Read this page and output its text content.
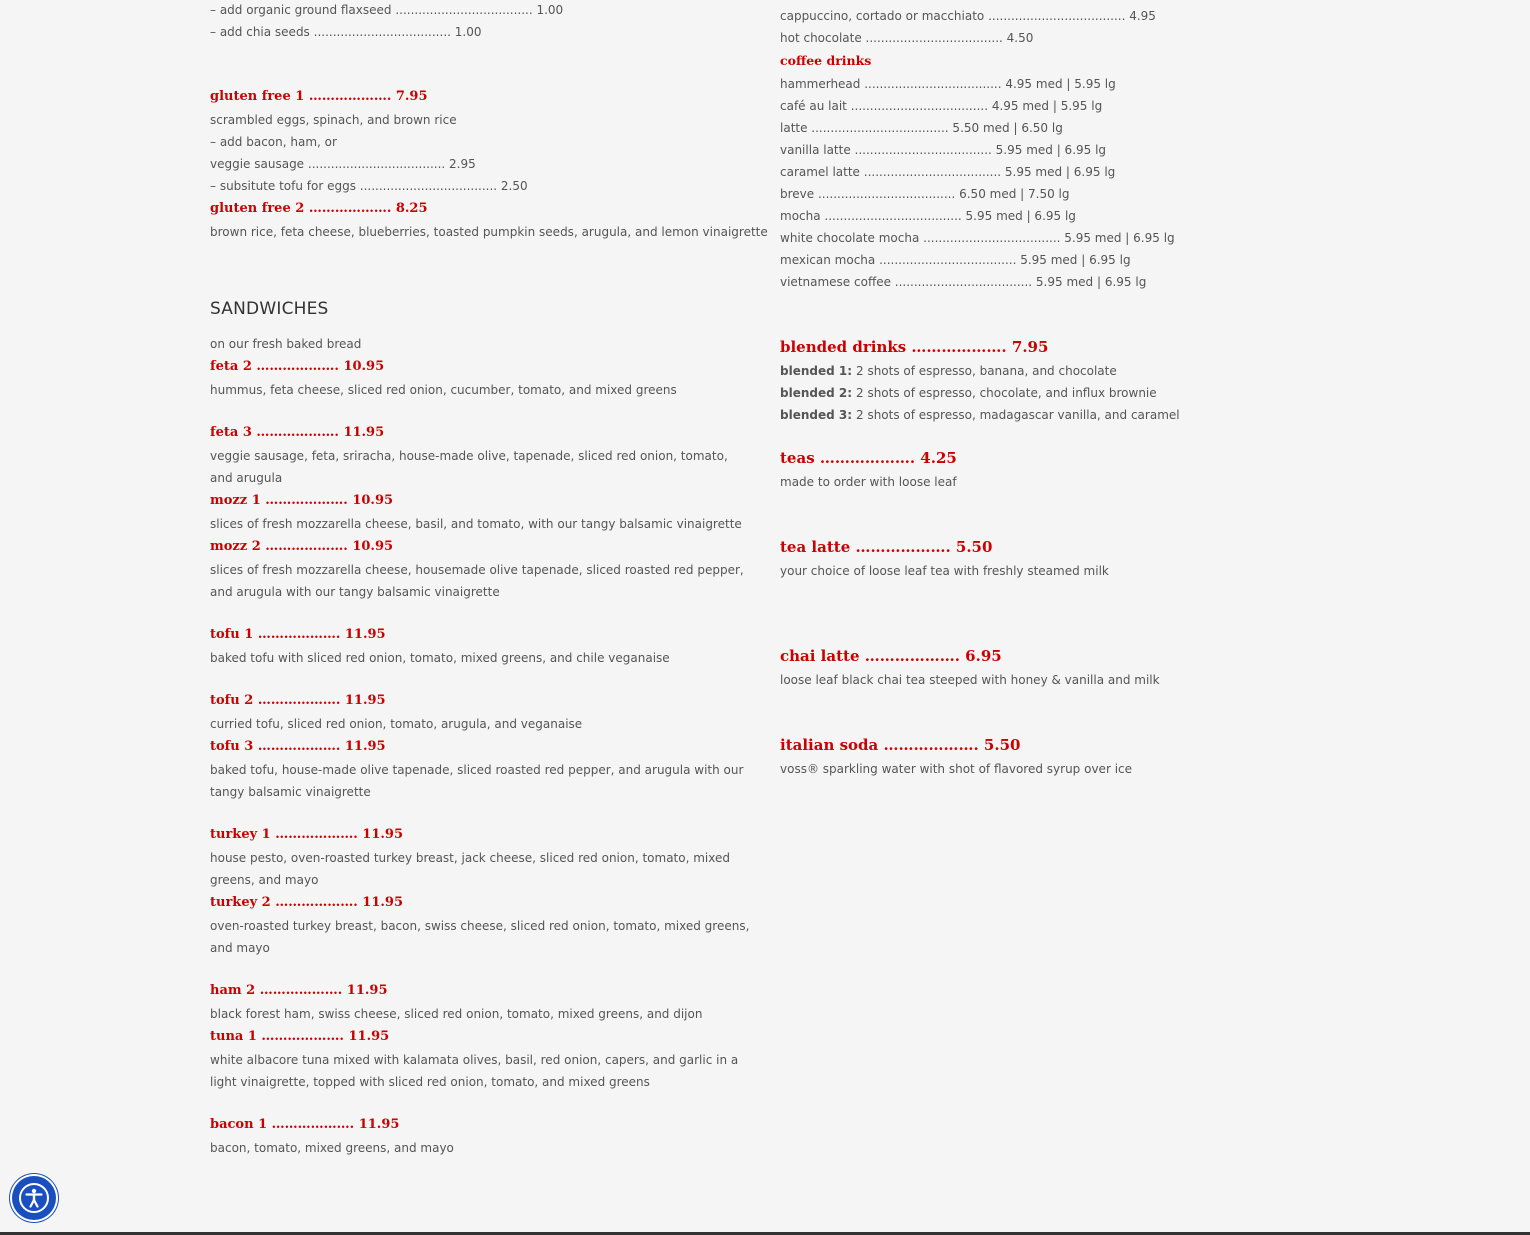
– add organic ground flaxseed .................................... 1.00

– add chia seeds .................................... 1.00

gluten free 1 ………………. 7.95

scrambled eggs, spinach, and brown rice

– add bacon, ham, or

veggie sausage .................................... 2.95

– subsitute tofu for eggs .................................... 2.50

gluten free 2 ………………. 8.25

brown rice, feta cheese, blueberries, toasted pumpkin seeds, arugula, and lemon vinaigrette

SANDWICHES

on our fresh baked bread

feta 2 ………………. 10.95

hummus, feta cheese, sliced red onion, cucumber, tomato, and mixed greens

feta 3 ………………. 11.95

veggie sausage, feta, sriracha, house-made olive, tapenade, sliced red onion, tomato, and arugula

mozz 1 ………………. 10.95

slices of fresh mozzarella cheese, basil, and tomato, with our tangy balsamic vinaigrette

mozz 2 ………………. 10.95

slices of fresh mozzarella cheese, housemade olive tapenade, sliced roasted red pepper, and arugula with our tangy balsamic vinaigrette

tofu 1 ………………. 11.95

baked tofu with sliced red onion, tomato, mixed greens, and chile veganaise

tofu 2 ………………. 11.95

curried tofu, sliced red onion, tomato, arugula, and veganaise

tofu 3 ………………. 11.95

baked tofu, house-made olive tapenade, sliced roasted red pepper, and arugula with our tangy balsamic vinaigrette

turkey 1 ………………. 11.95

house pesto, oven-roasted turkey breast, jack cheese, sliced red onion, tomato, mixed greens, and mayo

turkey 2 ………………. 11.95

oven-roasted turkey breast, bacon, swiss cheese, sliced red onion, tomato, mixed greens, and mayo

ham 2 ………………. 11.95

black forest ham, swiss cheese, sliced red onion, tomato, mixed greens, and dijon

tuna 1 ………………. 11.95

white albacore tuna mixed with kalamata olives, basil, red onion, capers, and garlic in a light vinaigrette, topped with sliced red onion, tomato, and mixed greens

bacon 1 ………………. 11.95

bacon, tomato, mixed greens, and mayo

cappuccino, cortado or macchiato .................................... 4.95

hot chocolate .................................... 4.50

coffee drinks

hammerhead .................................... 4.95 med | 5.95 lg

café au lait .................................... 4.95 med | 5.95 lg

latte .................................... 5.50 med | 6.50 lg

vanilla latte .................................... 5.95 med | 6.95 lg

caramel latte .................................... 5.95 med | 6.95 lg

breve .................................... 6.50 med | 7.50 lg

mocha .................................... 5.95 med | 6.95 lg

white chocolate mocha .................................... 5.95 med | 6.95 lg

mexican mocha .................................... 5.95 med | 6.95 lg

vietnamese coffee .................................... 5.95 med | 6.95 lg

blended drinks ………………. 7.95

blended 1: 2 shots of espresso, banana, and chocolate

blended 2: 2 shots of espresso, chocolate, and influx brownie

blended 3: 2 shots of espresso, madagascar vanilla, and caramel

teas ………………. 4.25

made to order with loose leaf

tea latte ………………. 5.50

your choice of loose leaf tea with freshly steamed milk

chai latte ………………. 6.95

loose leaf black chai tea steeped with honey & vanilla and milk

italian soda ………………. 5.50

voss® sparkling water with shot of flavored syrup over ice
